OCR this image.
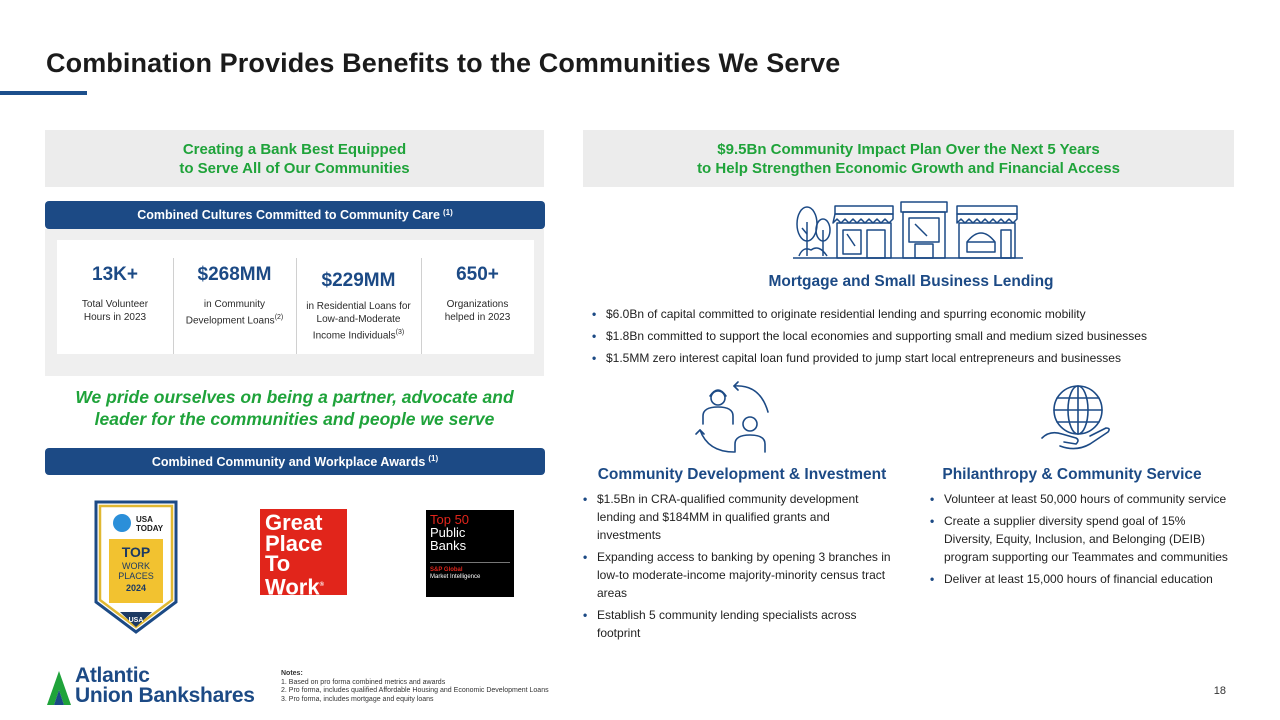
Combination Provides Benefits to the Communities We Serve
Creating a Bank Best Equipped
to Serve All of Our Communities
Combined Cultures Committed to Community Care $^{(1)}$
13K+
Total Volunteer
Hours in 2023
$268MM
in Community
Development Loans$^{(2)}$
$229MM
in Residential Loans for
Low-and-Moderate
Income Individuals$^{(3)}$
650+
Organizations
helped in 2023
We pride ourselves on being a partner, advocate and
leader for the communities and people we serve
Combined Community and Workplace Awards $^{(1)}$
USA
TODAY
TOP
WORK
PLACES
2024
USA
Great
Place
To
Work®
Top 50
Public
Banks
S&P Global
Market Intelligence
$9.5Bn Community Impact Plan Over the Next 5 Years
to Help Strengthen Economic Growth and Financial Access
Mortgage and Small Business Lending
• $6.0Bn of capital committed to originate residential lending and spurring economic mobility
• $1.8Bn committed to support the local economies and supporting small and medium sized businesses
• $1.5MM zero interest capital loan fund provided to jump start local entrepreneurs and businesses
Community Development & Investment	Philanthropy & Community Service
• $1.5Bn in CRA-qualified community development lending and $184MM in qualified grants and investments
• Expanding access to banking by opening 3 branches in low-to moderate-income majority-minority census tract areas
• Establish 5 community lending specialists across footprint
• Volunteer at least 50,000 hours of community service
• Create a supplier diversity spend goal of 15% Diversity, Equity, Inclusion, and Belonging (DEIB) program supporting our Teammates and communities
• Deliver at least 15,000 hours of financial education
Atlantic
Union Bankshares
Notes:
1. Based on pro forma combined metrics and awards
2. Pro forma, includes qualified Affordable Housing and Economic Development Loans
3. Pro forma, includes mortgage and equity loans
18
